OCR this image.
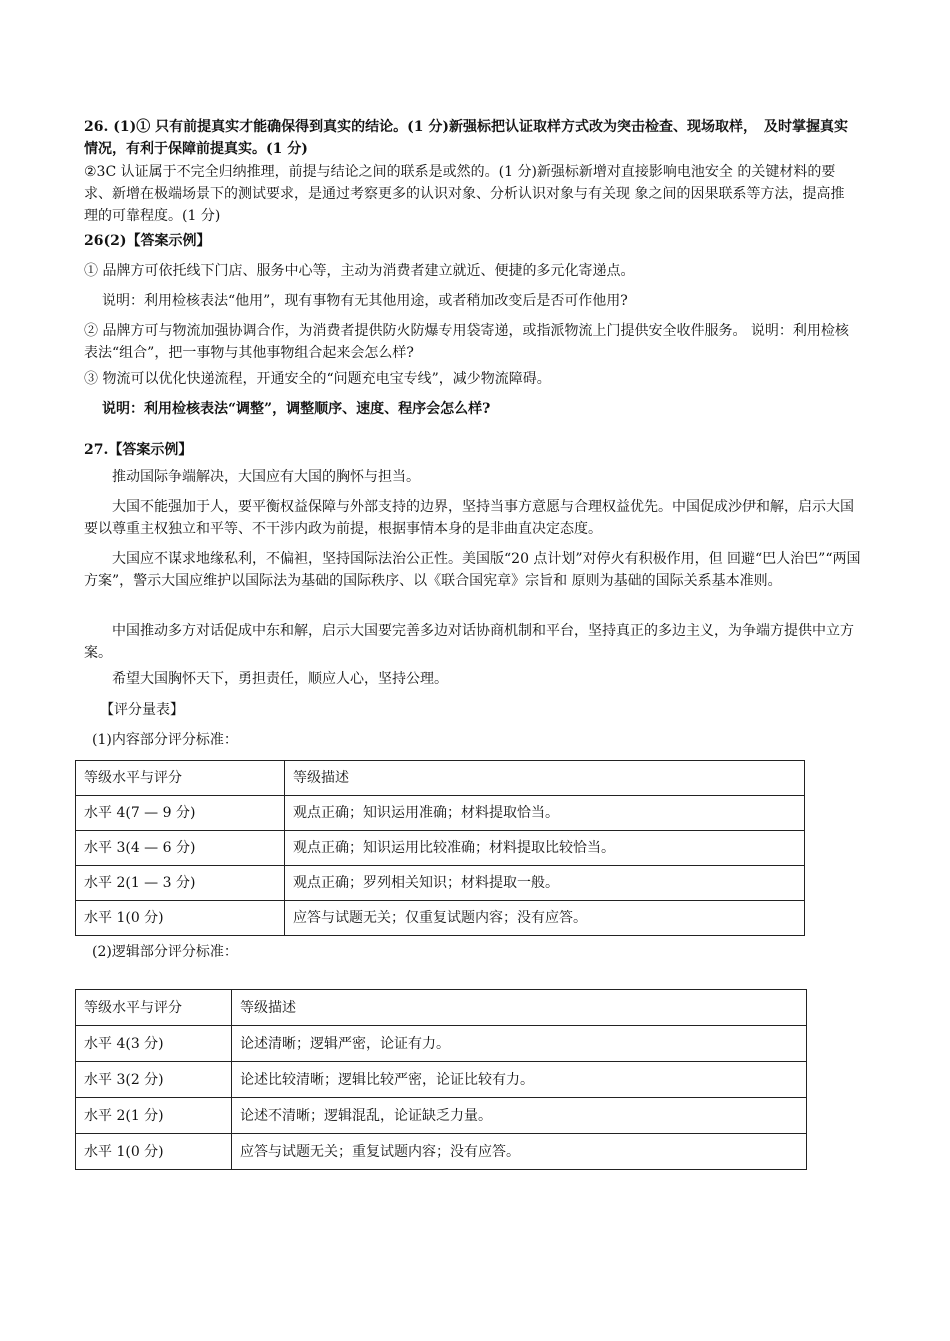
26. (1)① 只有前提真实才能确保得到真实的结论。(1 分)新强标把认证取样方式改为突击检查、现场取样，　及时掌握真实情况，有利于保障前提真实。(1 分)

②3C 认证属于不完全归纳推理，前提与结论之间的联系是或然的。(1 分)新强标新增对直接影响电池安全 的关键材料的要求、新增在极端场景下的测试要求，是通过考察更多的认识对象、分析认识对象与有关现 象之间的因果联系等方法，提高推理的可靠程度。(1 分)

26(2)【答案示例】

① 品牌方可依托线下门店、服务中心等，主动为消费者建立就近、便捷的多元化寄递点。

说明：利用检核表法“他用”，现有事物有无其他用途，或者稍加改变后是否可作他用?

② 品牌方可与物流加强协调合作，为消费者提供防火防爆专用袋寄递，或指派物流上门提供安全收件服务。 说明：利用检核表法“组合”，把一事物与其他事物组合起来会怎么样?

③ 物流可以优化快递流程，开通安全的“问题充电宝专线”，减少物流障碍。

说明：利用检核表法“调整”，调整顺序、速度、程序会怎么样?

27.【答案示例】

推动国际争端解决，大国应有大国的胸怀与担当。

大国不能强加于人，要平衡权益保障与外部支持的边界，坚持当事方意愿与合理权益优先。中国促成沙伊和解，启示大国要以尊重主权独立和平等、不干涉内政为前提，根据事情本身的是非曲直决定态度。

大国应不谋求地缘私利，不偏袒，坚持国际法治公正性。美国版“20 点计划”对停火有积极作用，但 回避“巴人治巴”“两国方案”，警示大国应维护以国际法为基础的国际秩序、以《联合国宪章》宗旨和 原则为基础的国际关系基本准则。

中国推动多方对话促成中东和解，启示大国要完善多边对话协商机制和平台，坚持真正的多边主义，为争端方提供中立方案。

希望大国胸怀天下，勇担责任，顺应人心，坚持公理。

【评分量表】

(1)内容部分评分标准：

等级水平与评分	等级描述
水平 4(7 — 9 分)	观点正确；知识运用准确；材料提取恰当。
水平 3(4 — 6 分)	观点正确；知识运用比较准确；材料提取比较恰当。
水平 2(1 — 3 分)	观点正确；罗列相关知识；材料提取一般。
水平 1(0 分)	应答与试题无关；仅重复试题内容；没有应答。

(2)逻辑部分评分标准：

等级水平与评分	等级描述
水平 4(3 分)	论述清晰；逻辑严密，论证有力。
水平 3(2 分)	论述比较清晰；逻辑比较严密，论证比较有力。
水平 2(1 分)	论述不清晰；逻辑混乱，论证缺乏力量。
水平 1(0 分)	应答与试题无关；重复试题内容；没有应答。
